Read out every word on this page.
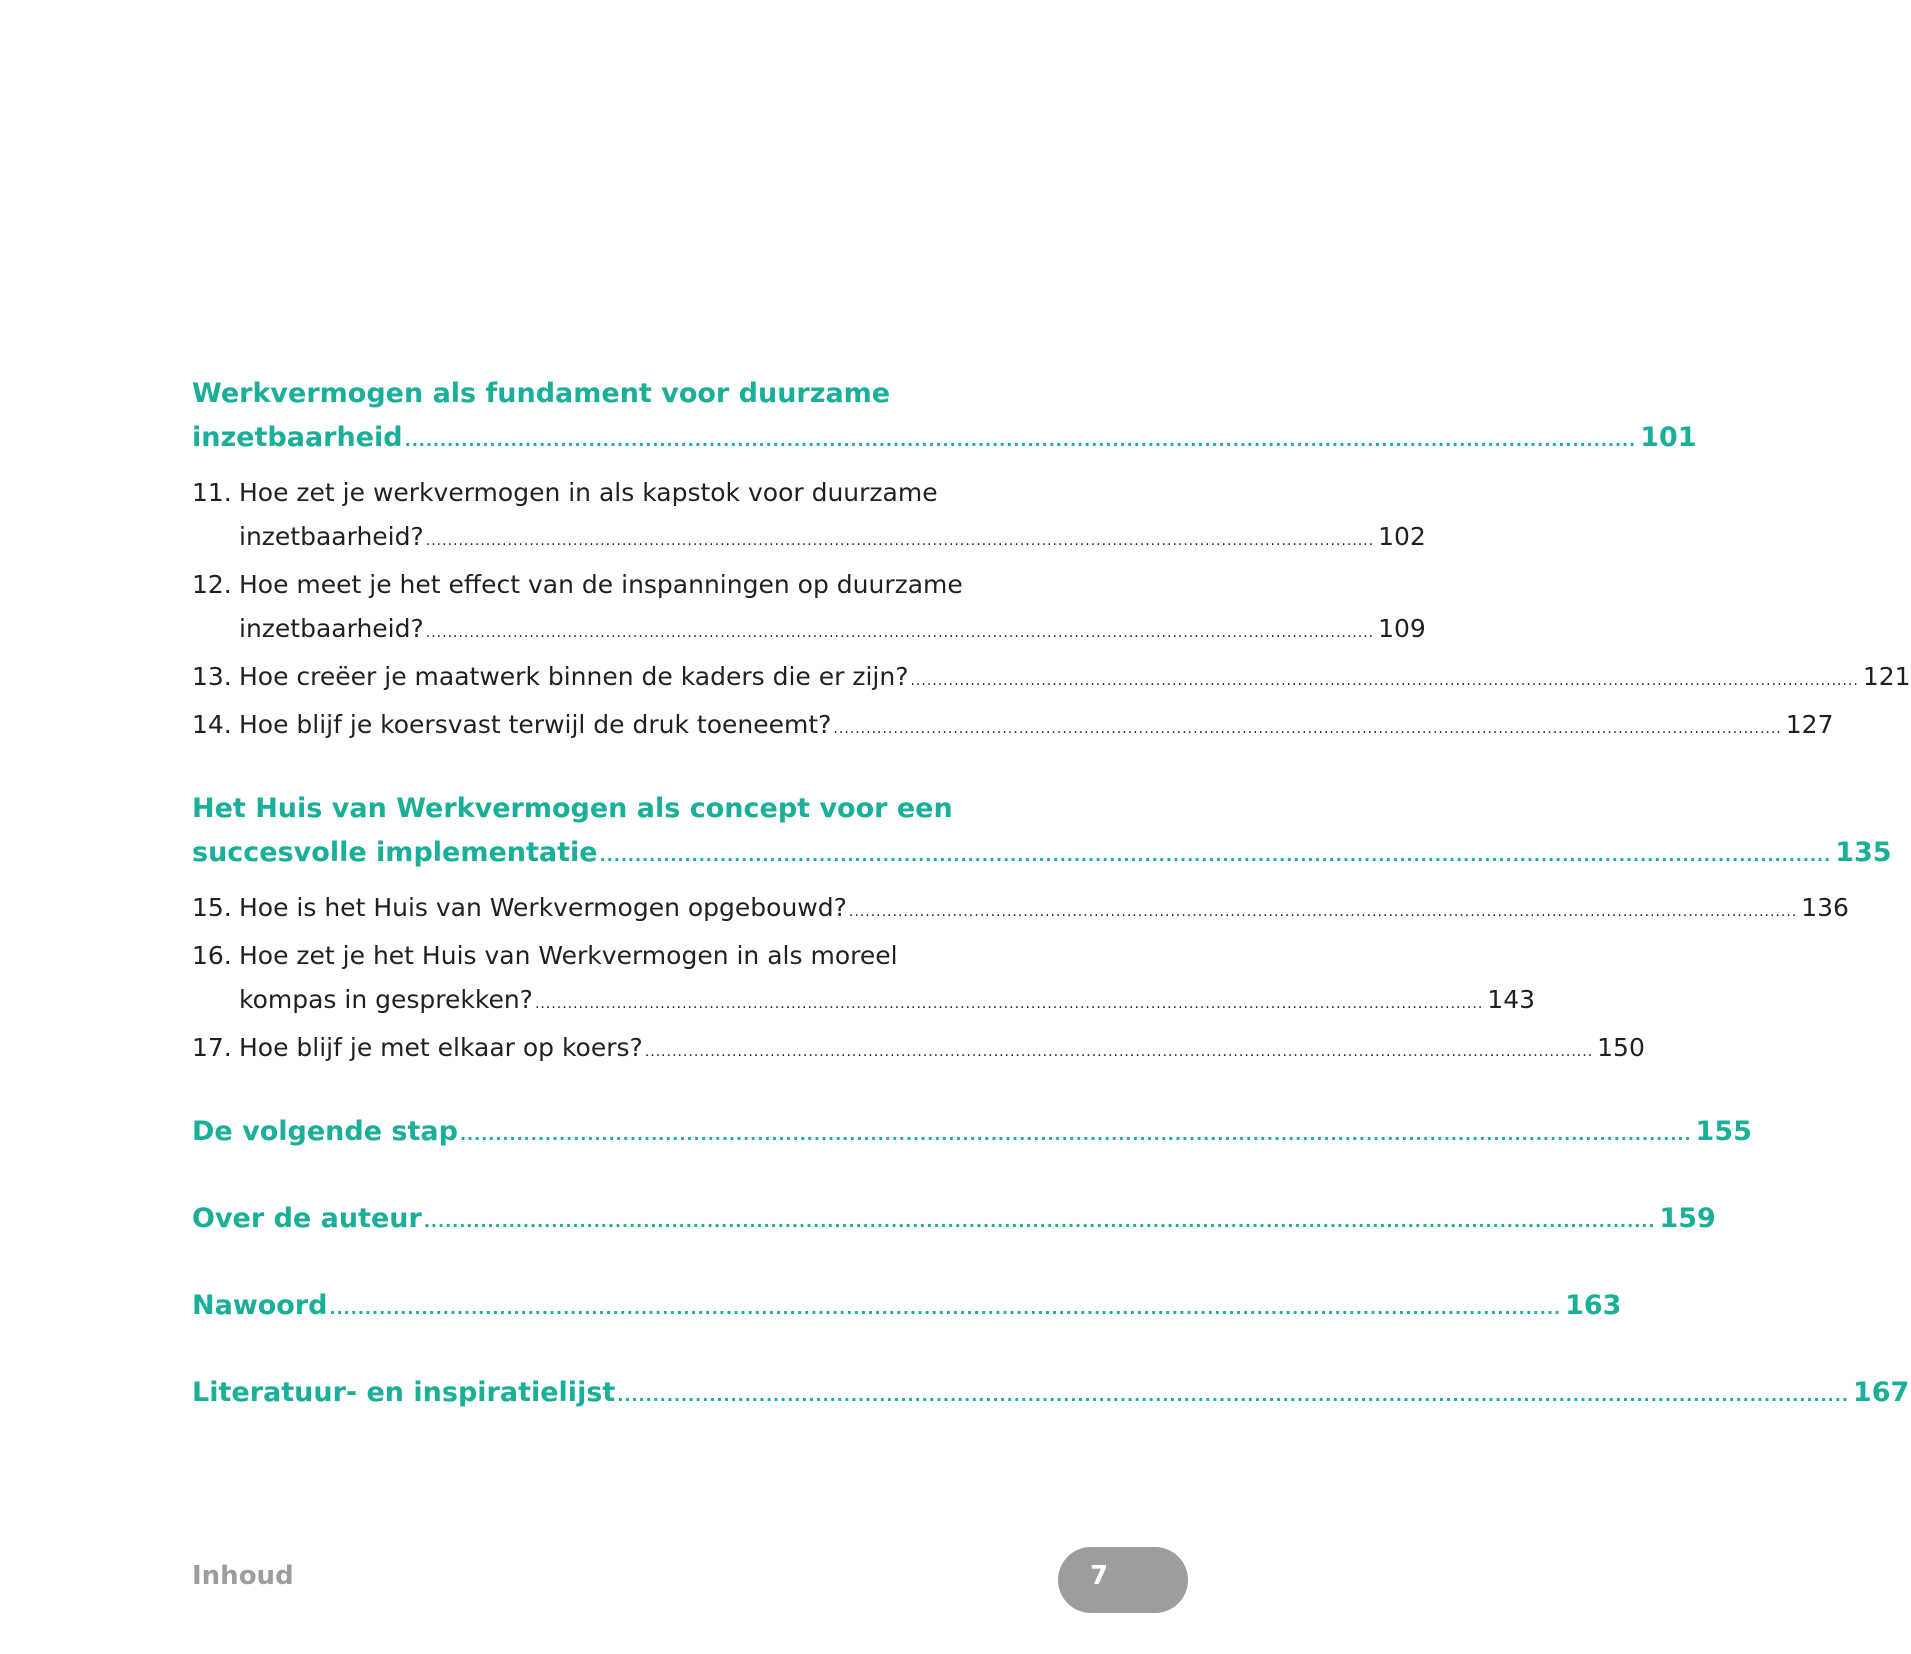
Werkvermogen als fundament voor duurzame
inzetbaarheid .............................................................................................................................................................................. 101
11. Hoe zet je werkvermogen in als kapstok voor duurzame
inzetbaarheid? .............................................................................................................................................................................. 102
12. Hoe meet je het effect van de inspanningen op duurzame
inzetbaarheid? .............................................................................................................................................................................. 109
13. Hoe creëer je maatwerk binnen de kaders die er zijn? .............................................................................................................................................................................. 121
14. Hoe blijf je koersvast terwijl de druk toeneemt? .............................................................................................................................................................................. 127
Het Huis van Werkvermogen als concept voor een
succesvolle implementatie .............................................................................................................................................................................. 135
15. Hoe is het Huis van Werkvermogen opgebouwd? .............................................................................................................................................................................. 136
16. Hoe zet je het Huis van Werkvermogen in als moreel
kompas in gesprekken? .............................................................................................................................................................................. 143
17. Hoe blijf je met elkaar op koers? .............................................................................................................................................................................. 150
De volgende stap .............................................................................................................................................................................. 155
Over de auteur .............................................................................................................................................................................. 159
Nawoord .............................................................................................................................................................................. 163
Literatuur- en inspiratielijst .............................................................................................................................................................................. 167
Inhoud	7
